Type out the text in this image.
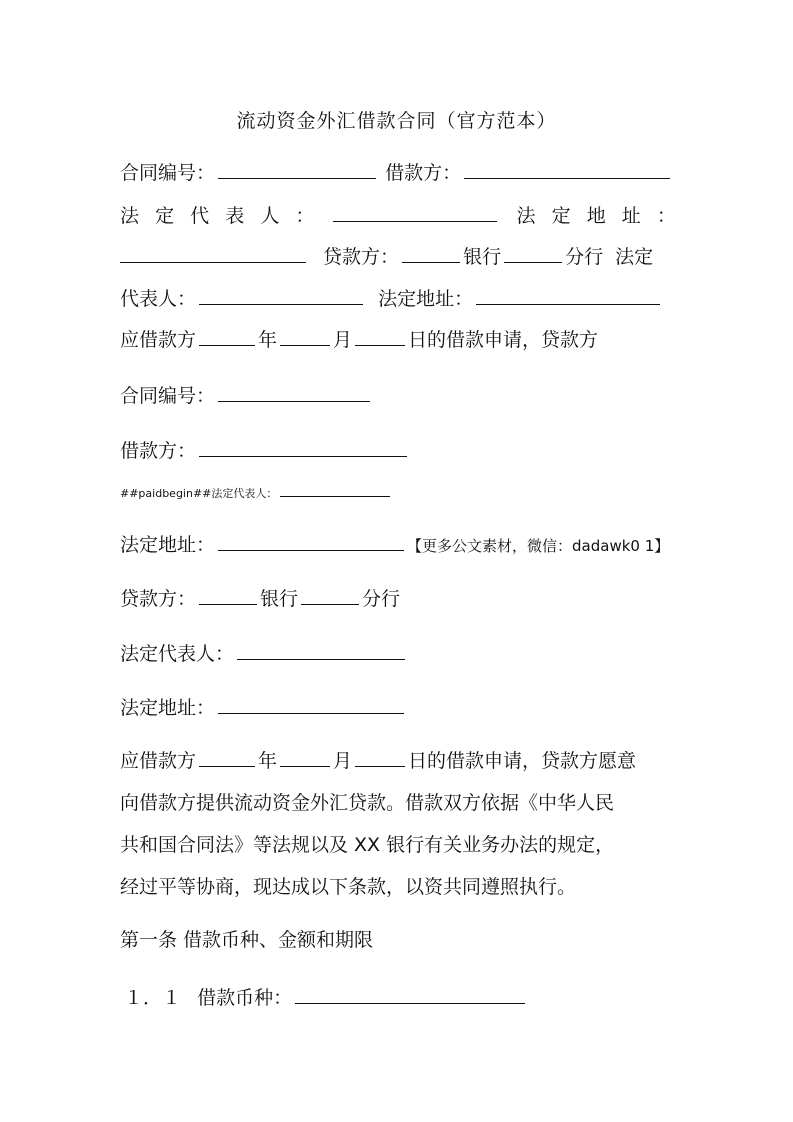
流动资金外汇借款合同（官方范本）
合同编号：	借款方：
法 定 代 表 人 ：	法 定 地 址 ：
贷款方：	银行	分行 法定
代表人：	法定地址：
应借款方	年	月	日的借款申请，贷款方
合同编号：
借款方：
##paidbegin##法定代表人：
法定地址：	【更多公文素材，微信：dadawk0 1】
贷款方：	银行	分行
法定代表人：
法定地址：
应借款方	年	月	日的借款申请，贷款方愿意
向借款方提供流动资金外汇贷款。借款双方依据《中华人民
共和国合同法》等法规以及 XX 银行有关业务办法的规定，
经过平等协商，现达成以下条款，以资共同遵照执行。
第一条 借款币种、金额和期限
１．１ 借款币种：
